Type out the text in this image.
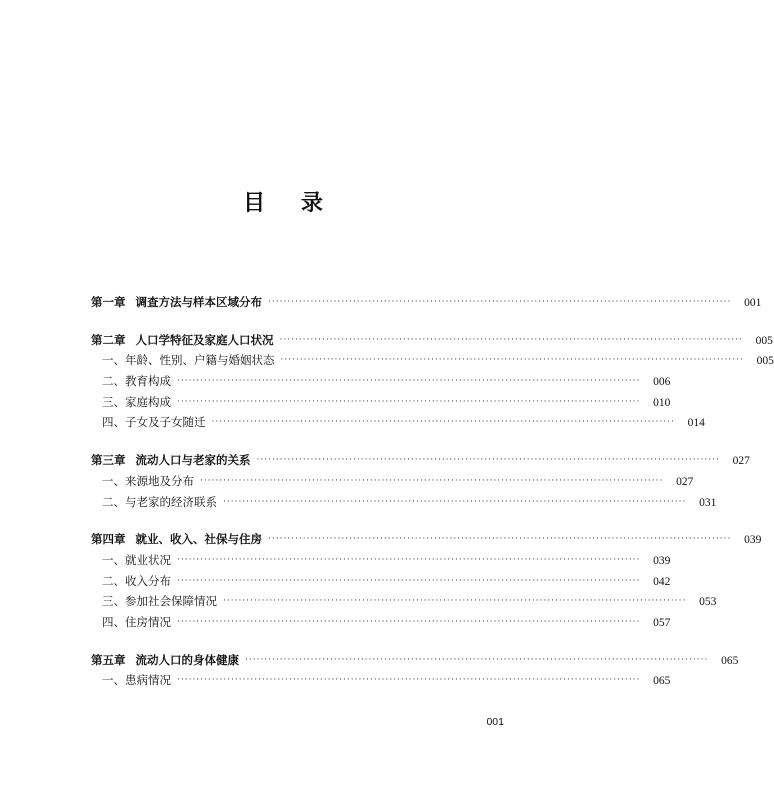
目 录
第一章 调查方法与样本区域分布 ························································································································	001
第二章 人口学特征及家庭人口状况 ························································································································	005
一、年龄、性别、户籍与婚姻状态 ························································································································	005
二、教育构成 ························································································································	006
三、家庭构成 ························································································································	010
四、子女及子女随迁 ························································································································	014
第三章 流动人口与老家的关系 ························································································································	027
一、来源地及分布 ························································································································	027
二、与老家的经济联系 ························································································································	031
第四章 就业、收入、社保与住房 ························································································································	039
一、就业状况 ························································································································	039
二、收入分布 ························································································································	042
三、参加社会保障情况 ························································································································	053
四、住房情况 ························································································································	057
第五章 流动人口的身体健康 ························································································································	065
一、患病情况 ························································································································	065
001
